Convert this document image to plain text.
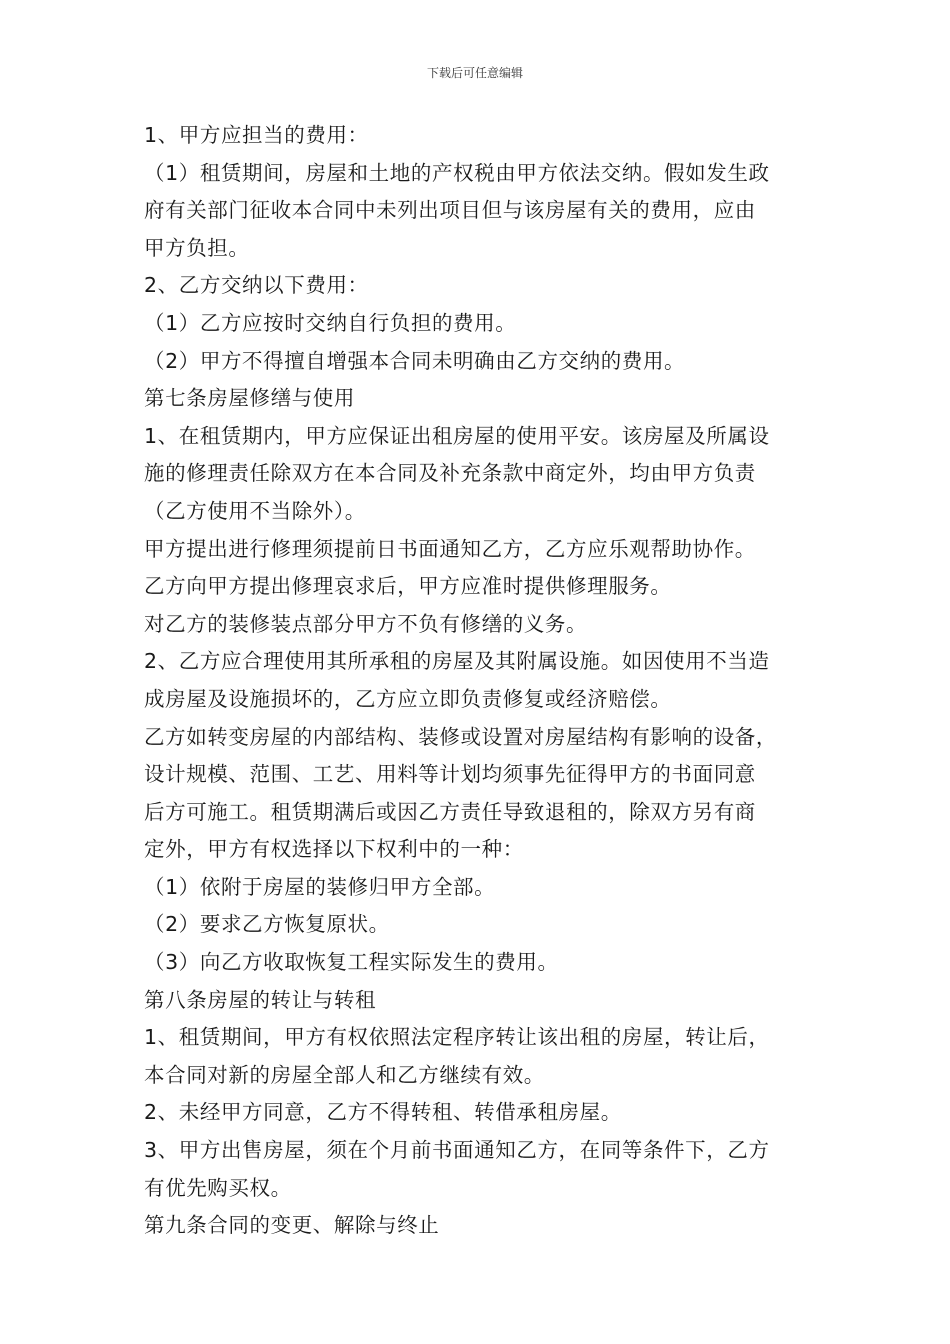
下载后可任意编辑
1、甲方应担当的费用：
（1）租赁期间，房屋和土地的产权税由甲方依法交纳。假如发生政
府有关部门征收本合同中未列出项目但与该房屋有关的费用，应由
甲方负担。
2、乙方交纳以下费用：
（1）乙方应按时交纳自行负担的费用。
（2）甲方不得擅自增强本合同未明确由乙方交纳的费用。
第七条房屋修缮与使用
1、在租赁期内，甲方应保证出租房屋的使用平安。该房屋及所属设
施的修理责任除双方在本合同及补充条款中商定外，均由甲方负责
（乙方使用不当除外）。
甲方提出进行修理须提前日书面通知乙方，乙方应乐观帮助协作。
乙方向甲方提出修理哀求后，甲方应准时提供修理服务。
对乙方的装修装点部分甲方不负有修缮的义务。
2、乙方应合理使用其所承租的房屋及其附属设施。如因使用不当造
成房屋及设施损坏的，乙方应立即负责修复或经济赔偿。
乙方如转变房屋的内部结构、装修或设置对房屋结构有影响的设备，
设计规模、范围、工艺、用料等计划均须事先征得甲方的书面同意
后方可施工。租赁期满后或因乙方责任导致退租的，除双方另有商
定外，甲方有权选择以下权利中的一种：
（1）依附于房屋的装修归甲方全部。
（2）要求乙方恢复原状。
（3）向乙方收取恢复工程实际发生的费用。
第八条房屋的转让与转租
1、租赁期间，甲方有权依照法定程序转让该出租的房屋，转让后，
本合同对新的房屋全部人和乙方继续有效。
2、未经甲方同意，乙方不得转租、转借承租房屋。
3、甲方出售房屋，须在个月前书面通知乙方，在同等条件下，乙方
有优先购买权。
第九条合同的变更、解除与终止
